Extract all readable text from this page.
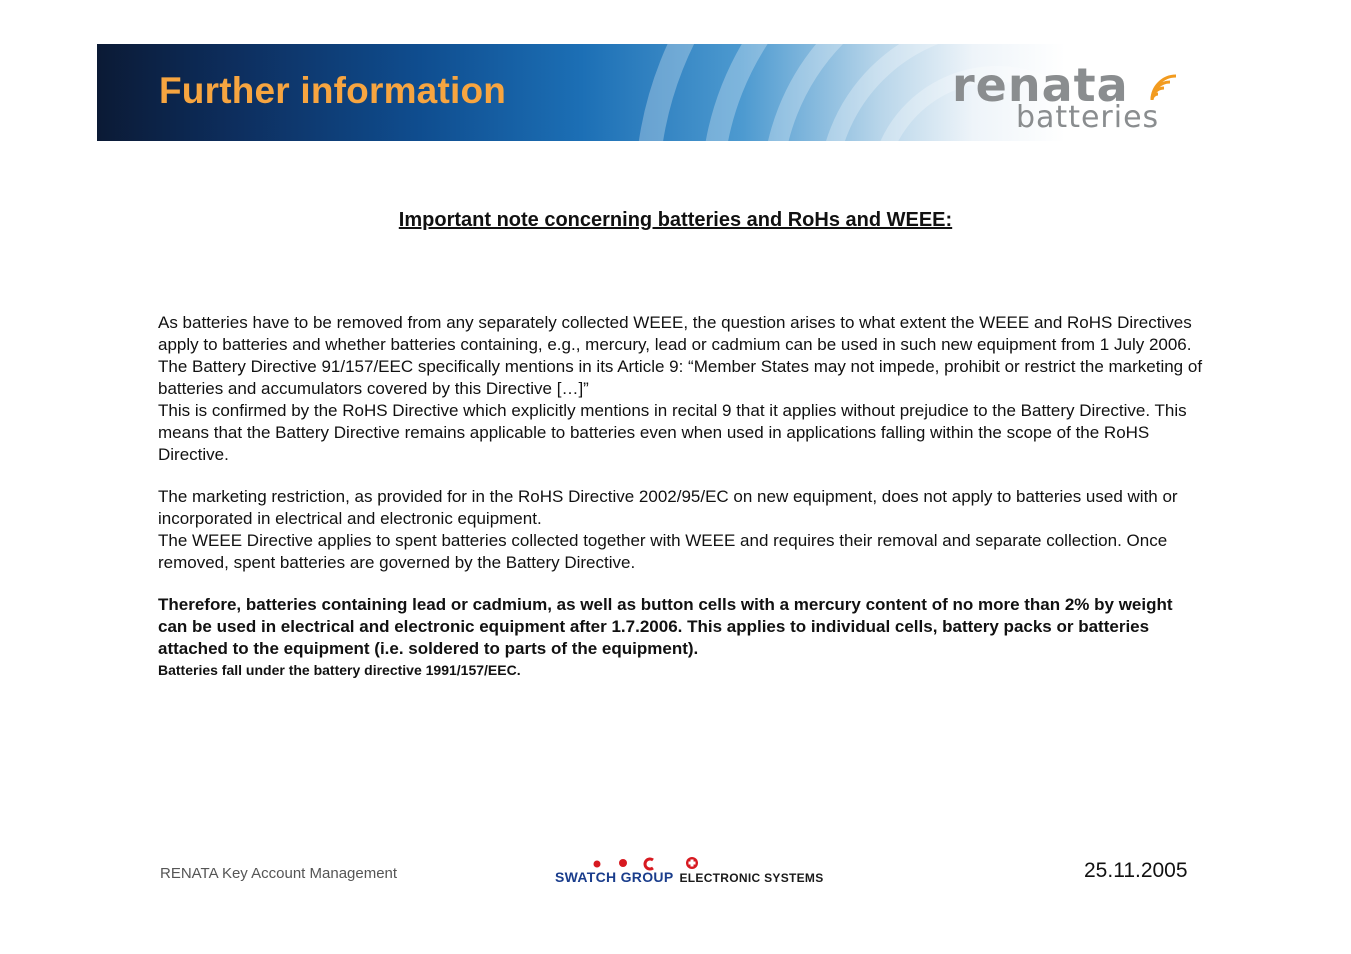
Further information	renata
batteries
Important note concerning batteries and RoHs and WEEE:

As batteries have to be removed from any separately collected WEEE, the question arises to what extent the WEEE and RoHS Directives apply to batteries and whether batteries containing, e.g., mercury, lead or cadmium can be used in such new equipment from 1 July 2006.

The Battery Directive 91/157/EEC specifically mentions in its Article 9: “Member States may not impede, prohibit or restrict the marketing of batteries and accumulators covered by this Directive […]”

This is confirmed by the RoHS Directive which explicitly mentions in recital 9 that it applies without prejudice to the Battery Directive. This means that the Battery Directive remains applicable to batteries even when used in applications falling within the scope of the RoHS Directive.

The marketing restriction, as provided for in the RoHS Directive 2002/95/EC on new equipment, does not apply to batteries used with or incorporated in electrical and electronic equipment.

The WEEE Directive applies to spent batteries collected together with WEEE and requires their removal and separate collection. Once removed, spent batteries are governed by the Battery Directive.

Therefore, batteries containing lead or cadmium, as well as button cells with a mercury content of no more than 2% by weight can be used in electrical and electronic equipment after 1.7.2006. This applies to individual cells, battery packs or batteries attached to the equipment (i.e. soldered to parts of the equipment).

Batteries fall under the battery directive 1991/157/EEC.

RENATA Key Account Management	SWATCH GROUP ELECTRONIC SYSTEMS	25.11.2005
